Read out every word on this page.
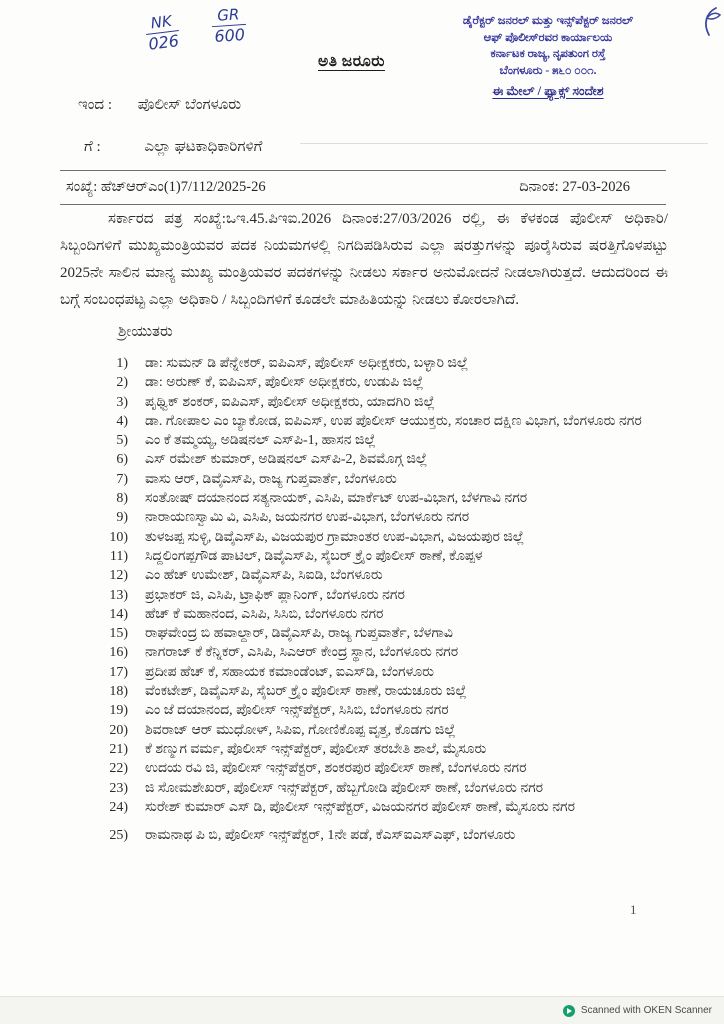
NK
026
GR
600
ಡೈರೆಕ್ಟರ್ ಜನರಲ್ ಮತ್ತು ಇನ್ಸ್‌ಪೆಕ್ಟರ್ ಜನರಲ್
ಆಫ್ ಪೊಲೀಸ್‌ರವರ ಕಾರ್ಯಾಲಯ
ಕರ್ನಾಟಕ ರಾಜ್ಯ, ನೃಪತುಂಗ ರಸ್ತೆ
ಬೆಂಗಳೂರು - ೫೬೦ ೦೦೧.
ಈ ಮೇಲ್ / ಫ್ಯಾಕ್ಸ್ ಸಂದೇಶ
ಅತಿ ಜರೂರು
ಇಂದ : ಪೊಲೀಸ್ ಬೆಂಗಳೂರು
ಗೆ :	ಎಲ್ಲಾ ಘಟಕಾಧಿಕಾರಿಗಳಿಗೆ
ಸಂಖ್ಯೆ: ಹೆಚ್‌ಆರ್‌ಎಂ(1)7/112/2025-26	ದಿನಾಂಕ: 27-03-2026

ಸರ್ಕಾರದ ಪತ್ರ ಸಂಖ್ಯೆ:ಒಇ.45.ಪಿಇಐ.2026 ದಿನಾಂಕ:27/03/2026 ರಲ್ಲಿ, ಈ ಕೆಳಕಂಡ ಪೊಲೀಸ್ ಅಧಿಕಾರಿ/ಸಿಬ್ಬಂದಿಗಳಿಗೆ ಮುಖ್ಯಮಂತ್ರಿಯವರ ಪದಕ ನಿಯಮಗಳಲ್ಲಿ ನಿಗದಿಪಡಿಸಿರುವ ಎಲ್ಲಾ ಷರತ್ತುಗಳನ್ನು ಪೂರೈಸಿರುವ ಷರತ್ತಿಗೊಳಪಟ್ಟು 2025ನೇ ಸಾಲಿನ ಮಾನ್ಯ ಮುಖ್ಯ ಮಂತ್ರಿಯವರ ಪದಕಗಳನ್ನು ನೀಡಲು ಸರ್ಕಾರ ಅನುಮೋದನೆ ನೀಡಲಾಗಿರುತ್ತದೆ. ಆದುದರಿಂದ ಈ ಬಗ್ಗೆ ಸಂಬಂಧಪಟ್ಟ ಎಲ್ಲಾ ಅಧಿಕಾರಿ / ಸಿಬ್ಬಂದಿಗಳಿಗೆ ಕೂಡಲೇ ಮಾಹಿತಿಯನ್ನು ನೀಡಲು ಕೋರಲಾಗಿದೆ.

ಶ್ರೀಯುತರು

1) ಡಾ: ಸುಮನ್ ಡಿ ಪೆನ್ನೇಕರ್, ಐಪಿಎಸ್, ಪೊಲೀಸ್ ಅಧೀಕ್ಷಕರು, ಬಳ್ಳಾರಿ ಜಿಲ್ಲೆ
2) ಡಾ: ಅರುಣ್ ಕೆ, ಐಪಿಎಸ್, ಪೊಲೀಸ್ ಅಧೀಕ್ಷಕರು, ಉಡುಪಿ ಜಿಲ್ಲೆ
3) ಪೃಥ್ವಿಕ್ ಶಂಕರ್, ಐಪಿಎಸ್, ಪೊಲೀಸ್ ಅಧೀಕ್ಷಕರು, ಯಾದಗಿರಿ ಜಿಲ್ಲೆ
4) ಡಾ. ಗೋಪಾಲ ಎಂ ಬ್ಯಾಕೋಡ, ಐಪಿಎಸ್, ಉಪ ಪೊಲೀಸ್ ಆಯುಕ್ತರು, ಸಂಚಾರ ದಕ್ಷಿಣ ವಿಭಾಗ, ಬೆಂಗಳೂರು ನಗರ
5) ಎಂ ಕೆ ತಮ್ಮಯ್ಯ, ಅಡಿಷನಲ್ ಎಸ್‌ಪಿ-1, ಹಾಸನ ಜಿಲ್ಲೆ
6) ಎಸ್ ರಮೇಶ್ ಕುಮಾರ್, ಅಡಿಷನಲ್ ಎಸ್‌ಪಿ-2, ಶಿವಮೊಗ್ಗ ಜಿಲ್ಲೆ
7) ವಾಸು ಆರ್, ಡಿವೈಎಸ್‌ಪಿ, ರಾಜ್ಯ ಗುಪ್ತವಾರ್ತೆ, ಬೆಂಗಳೂರು
8) ಸಂತೋಷ್ ದಯಾನಂದ ಸತ್ಯನಾಯಕ್, ಎಸಿಪಿ, ಮಾರ್ಕೆಟ್ ಉಪ-ವಿಭಾಗ, ಬೆಳಗಾವಿ ನಗರ
9) ನಾರಾಯಣಸ್ವಾಮಿ ವಿ, ಎಸಿಪಿ, ಜಯನಗರ ಉಪ-ವಿಭಾಗ, ಬೆಂಗಳೂರು ನಗರ
10) ತುಳಜಪ್ಪ ಸುಳ್ಳಿ, ಡಿವೈಎಸ್‌ಪಿ, ವಿಜಯಪುರ ಗ್ರಾಮಾಂತರ ಉಪ-ವಿಭಾಗ, ವಿಜಯಪುರ ಜಿಲ್ಲೆ
11) ಸಿದ್ದಲಿಂಗಪ್ಪಗೌಡ ಪಾಟಿಲ್, ಡಿವೈಎಸ್‌ಪಿ, ಸೈಬರ್ ಕ್ರೈಂ ಪೊಲೀಸ್ ಠಾಣೆ, ಕೊಪ್ಪಳ
12) ಎಂ ಹೆಚ್ ಉಮೇಶ್, ಡಿವೈಎಸ್‌ಪಿ, ಸಿಐಡಿ, ಬೆಂಗಳೂರು
13) ಪ್ರಭಾಕರ್ ಜಿ, ಎಸಿಪಿ, ಟ್ರಾಫಿಕ್ ಪ್ಲಾನಿಂಗ್, ಬೆಂಗಳೂರು ನಗರ
14) ಹೆಚ್ ಕೆ ಮಹಾನಂದ, ಎಸಿಪಿ, ಸಿಸಿಬಿ, ಬೆಂಗಳೂರು ನಗರ
15) ರಾಘವೇಂದ್ರ ಬಿ ಹವಾಲ್ದಾರ್, ಡಿವೈಎಸ್‌ಪಿ, ರಾಜ್ಯ ಗುಪ್ತವಾರ್ತೆ, ಬೆಳಗಾವಿ
16) ನಾಗರಾಜ್ ಕೆ ಕೆನ್ನಿಕರ್, ಎಸಿಪಿ, ಸಿಎಆರ್ ಕೇಂದ್ರ ಸ್ಥಾನ, ಬೆಂಗಳೂರು ನಗರ
17) ಪ್ರದೀಪ ಹೆಚ್ ಕೆ, ಸಹಾಯಕ ಕಮಾಂಡೆಂಟ್, ಐಎಸ್‌ಡಿ, ಬೆಂಗಳೂರು
18) ವೆಂಕಟೇಶ್, ಡಿವೈಎಸ್‌ಪಿ, ಸೈಬರ್ ಕ್ರೈಂ ಪೊಲೀಸ್ ಠಾಣೆ, ರಾಯಚೂರು ಜಿಲ್ಲೆ
19) ಎಂ ಜೆ ದಯಾನಂದ, ಪೊಲೀಸ್ ಇನ್ಸ್‌ಪೆಕ್ಟರ್, ಸಿಸಿಬಿ, ಬೆಂಗಳೂರು ನಗರ
20) ಶಿವರಾಜ್ ಆರ್ ಮುಧೋಳ್, ಸಿಪಿಐ, ಗೋಣಿಕೊಪ್ಪ ವೃತ್ತ, ಕೊಡಗು ಜಿಲ್ಲೆ
21) ಕೆ ಶಣ್ಮುಗ ವರ್ಮ, ಪೊಲೀಸ್ ಇನ್ಸ್‌ಪೆಕ್ಟರ್, ಪೊಲೀಸ್ ತರಬೇತಿ ಶಾಲೆ, ಮೈಸೂರು
22) ಉದಯ ರವಿ ಜಿ, ಪೊಲೀಸ್ ಇನ್ಸ್‌ಪೆಕ್ಟರ್, ಶಂಕರಪುರ ಪೊಲೀಸ್ ಠಾಣೆ, ಬೆಂಗಳೂರು ನಗರ
23) ಜಿ ಸೋಮಶೇಖರ್, ಪೊಲೀಸ್ ಇನ್ಸ್‌ಪೆಕ್ಟರ್, ಹೆಬ್ಬಗೋಡಿ ಪೊಲೀಸ್ ಠಾಣೆ, ಬೆಂಗಳೂರು ನಗರ
24) ಸುರೇಶ್ ಕುಮಾರ್ ಎಸ್ ಡಿ, ಪೊಲೀಸ್ ಇನ್ಸ್‌ಪೆಕ್ಟರ್, ವಿಜಯನಗರ ಪೊಲೀಸ್ ಠಾಣೆ, ಮೈಸೂರು ನಗರ
25) ರಾಮನಾಥ ಪಿ ಬಿ, ಪೊಲೀಸ್ ಇನ್ಸ್‌ಪೆಕ್ಟರ್, 1ನೇ ಪಡೆ, ಕೆಎಸ್‌ಐಎಸ್‌ಎಫ್, ಬೆಂಗಳೂರು
1
Scanned with OKEN Scanner
